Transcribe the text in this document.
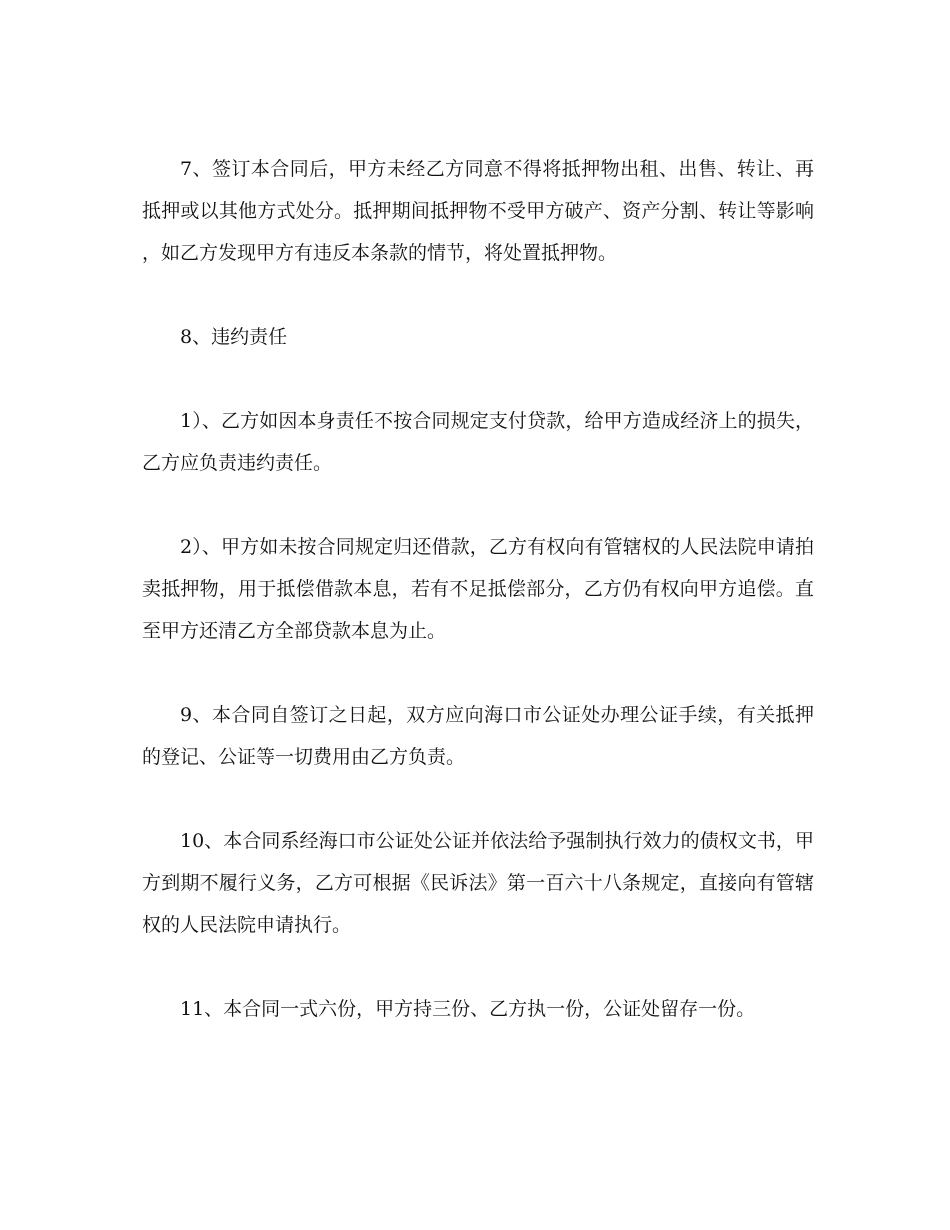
7、签订本合同后，甲方未经乙方同意不得将抵押物出租、出售、转让、再抵押或以其他方式处分。抵押期间抵押物不受甲方破产、资产分割、转让等影响，如乙方发现甲方有违反本条款的情节，将处置抵押物。

8、违约责任

1）、乙方如因本身责任不按合同规定支付贷款，给甲方造成经济上的损失，乙方应负责违约责任。

2）、甲方如未按合同规定归还借款，乙方有权向有管辖权的人民法院申请拍卖抵押物，用于抵偿借款本息，若有不足抵偿部分，乙方仍有权向甲方追偿。直至甲方还清乙方全部贷款本息为止。

9、本合同自签订之日起，双方应向海口市公证处办理公证手续，有关抵押的登记、公证等一切费用由乙方负责。

10、本合同系经海口市公证处公证并依法给予强制执行效力的债权文书，甲方到期不履行义务，乙方可根据《民诉法》第一百六十八条规定，直接向有管辖权的人民法院申请执行。

11、本合同一式六份，甲方持三份、乙方执一份，公证处留存一份。
